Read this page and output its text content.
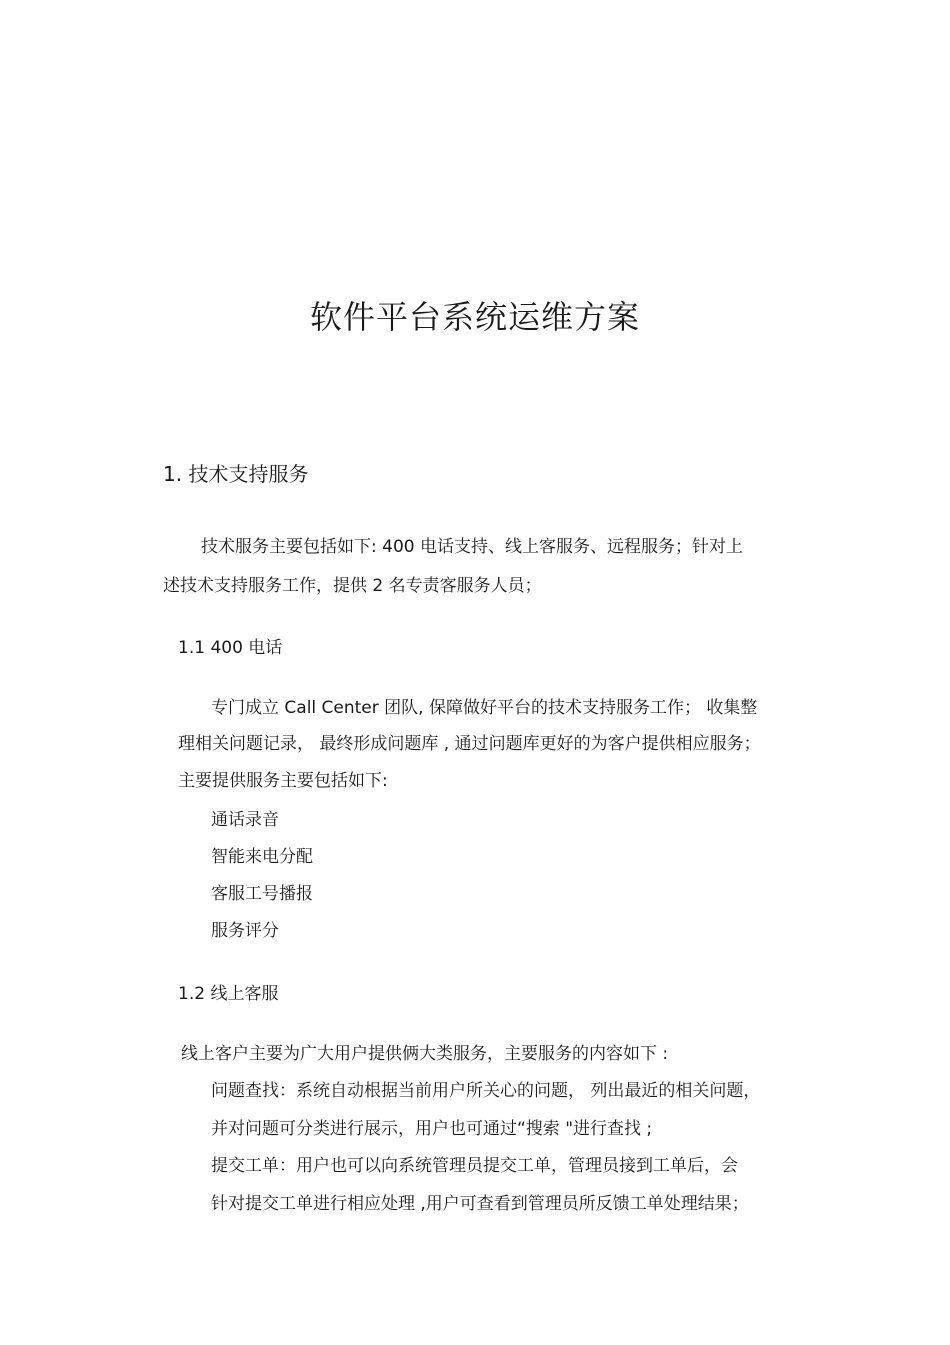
软件平台系统运维方案
1. 技术支持服务
技术服务主要包括如下: 400 电话支持、线上客服务、远程服务；针对上
述技术支持服务工作，提供 2 名专责客服务人员；
1.1 400 电话
专门成立 Call Center 团队, 保障做好平台的技术支持服务工作； 收集整
理相关问题记录， 最终形成问题库 , 通过问题库更好的为客户提供相应服务；
主要提供服务主要包括如下:
通话录音
智能来电分配
客服工号播报
服务评分
1.2 线上客服
线上客户主要为广大用户提供俩大类服务，主要服务的内容如下 :
问题查找：系统自动根据当前用户所关心的问题， 列出最近的相关问题，
并对问题可分类进行展示，用户也可通过“搜索 "进行查找 ;
提交工单：用户也可以向系统管理员提交工单，管理员接到工单后，会
针对提交工单进行相应处理 ,用户可查看到管理员所反馈工单处理结果；
